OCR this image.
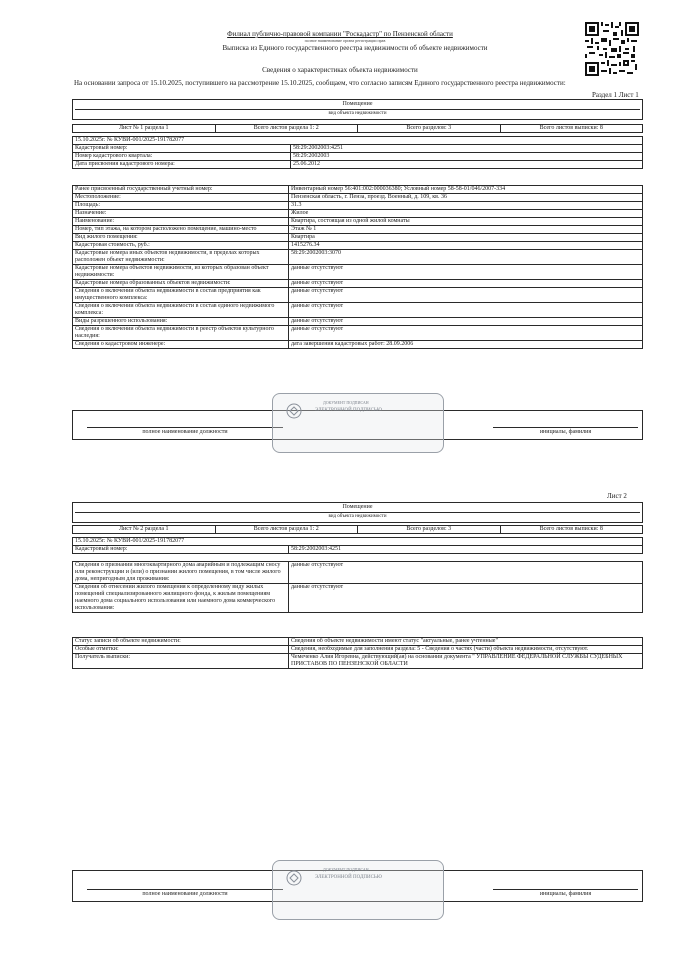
Филиал публично-правовой компании "Роскадастр" по Пензенской области
полное наименование органа регистрации прав
Выписка из Единого государственного реестра недвижимости об объекте недвижимости
Сведения о характеристиках объекта недвижимости
На основании запроса от 15.10.2025, поступившего на рассмотрение 15.10.2025, сообщаем, что согласно записям Единого государственного реестра недвижимости:
Раздел 1 Лист 1
Помещение
вид объекта недвижимости
Лист № 1 раздела 1	Всего листов раздела 1: 2	Всего разделов: 3	Всего листов выписки: 8
15.10.2025г. № КУВИ-001/2025-191782077	
Кадастровый номер:	58:29:2002003:4251
Номер кадастрового квартала:	58:29:2002003
Дата присвоения кадастрового номера:	25.06.2012
Ранее присвоенный государственный учетный номер:	Инвентарный номер 56:401:002:000036380; Условный номер 58-58-01/046/2007-334
Местоположение:	Пензенская область, г. Пенза, проезд. Военный, д. 109, кв. 36
Площадь:	31.3
Назначение:	Жилое
Наименование:	Квартира, состоящая из одной жилой комнаты
Номер, тип этажа, на котором расположено помещение, машино-место	Этаж № 1
Вид жилого помещения:	Квартира
Кадастровая стоимость, руб.:	1415276.34
Кадастровые номера иных объектов недвижимости, в пределах которых расположен объект недвижимости:	58:29:2002003:3070
Кадастровые номера объектов недвижимости, из которых образован объект недвижимости:	данные отсутствуют
Кадастровые номера образованных объектов недвижимости:	данные отсутствуют
Сведения о включении объекта недвижимости в состав предприятия как имущественного комплекса:	данные отсутствуют
Сведения о включении объекта недвижимости в состав единого недвижимого комплекса:	данные отсутствуют
Виды разрешенного использования:	данные отсутствуют
Сведения о включении объекта недвижимости в реестр объектов культурного наследия:	данные отсутствуют
Сведения о кадастровом инженере:	дата завершения кадастровых работ: 28.09.2006
полное наименование должности	инициалы, фамилия
ДОКУМЕНТ ПОДПИСАН
ЭЛЕКТРОННОЙ ПОДПИСЬЮ
Лист 2
Помещение
вид объекта недвижимости
Лист № 2 раздела 1	Всего листов раздела 1: 2	Всего разделов: 3	Всего листов выписки: 8
15.10.2025г. № КУВИ-001/2025-191782077
Кадастровый номер:	58:29:2002003:4251
Сведения о признании многоквартирного дома аварийным и подлежащим сносу или реконструкции и (или) о признании жилого помещения, в том числе жилого дома, непригодным для проживания:	данные отсутствуют
Сведения об отнесении жилого помещения к определенному виду жилых помещений специализированного жилищного фонда, к жилым помещениям наемного дома социального использования или наемного дома коммерческого использования:	данные отсутствуют
Статус записи об объекте недвижимости:	Сведения об объекте недвижимости имеют статус "актуальные, ранее учтенные"
Особые отметки:	Сведения, необходимые для заполнения раздела: 5 - Сведения о частях (части) объекта недвижимости, отсутствуют.
Получатель выписки:	Чемеченко Алия Игоревна, действующий(ая) на основании документа " УПРАВЛЕНИЕ ФЕДЕРАЛЬНОЙ СЛУЖБЫ СУДЕБНЫХ ПРИСТАВОВ ПО ПЕНЗЕНСКОЙ ОБЛАСТИ
полное наименование должности	инициалы, фамилия
ДОКУМЕНТ ПОДПИСАН
ЭЛЕКТРОННОЙ ПОДПИСЬЮ
